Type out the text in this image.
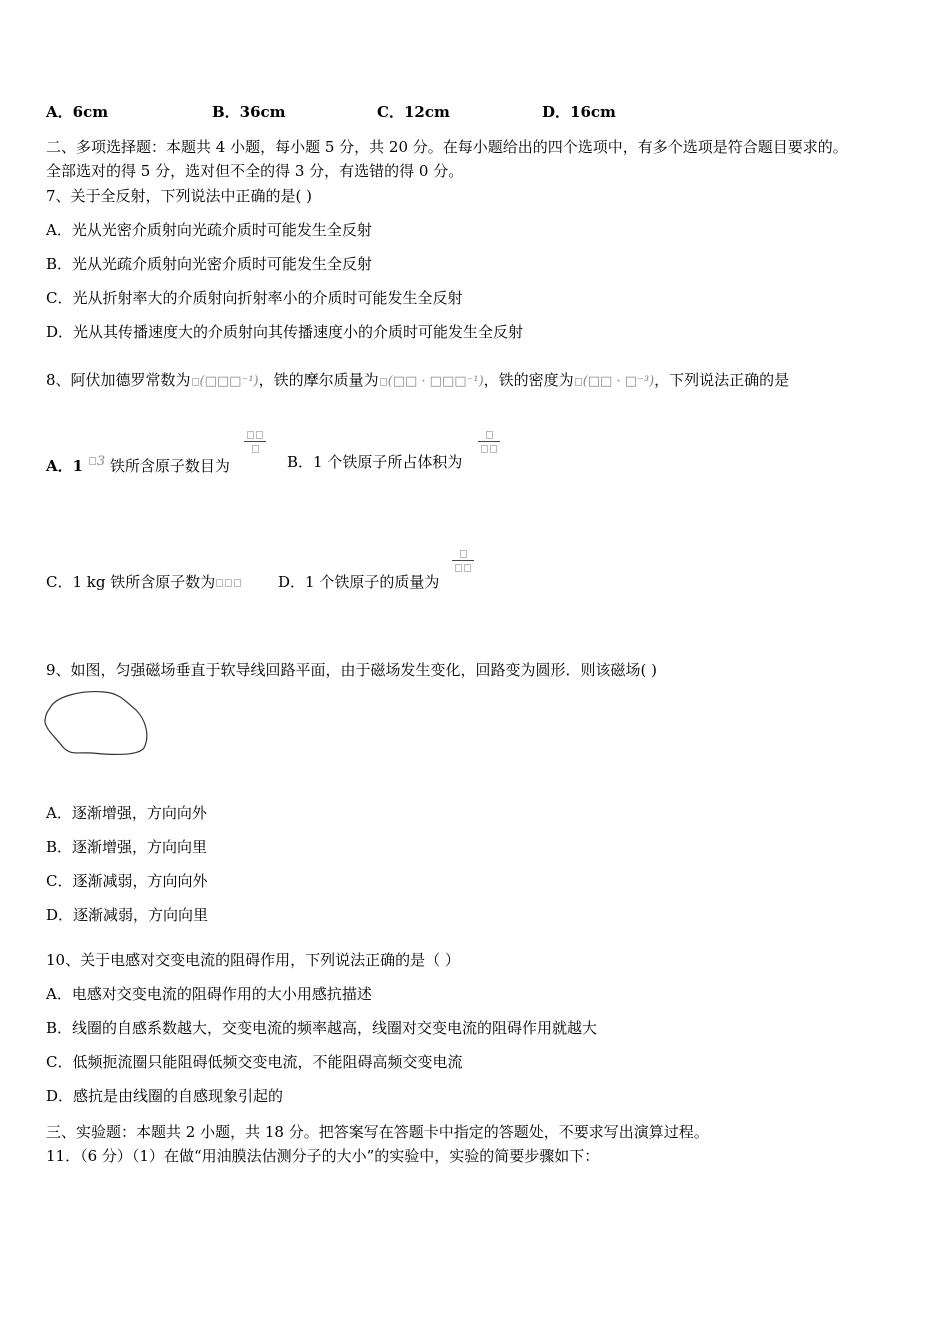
A．6cm	B．36cm	C．12cm	D．16cm
二、多项选择题：本题共 4 小题，每小题 5 分，共 20 分。在每小题给出的四个选项中，有多个选项是符合题目要求的。
全部选对的得 5 分，选对但不全的得 3 分，有选错的得 0 分。
7、关于全反射，下列说法中正确的是( )
A．光从光密介质射向光疏介质时可能发生全反射
B．光从光疏介质射向光密介质时可能发生全反射
C．光从折射率大的介质射向折射率小的介质时可能发生全反射
D．光从其传播速度大的介质射向其传播速度小的介质时可能发生全反射
8、阿伏加德罗常数为 (□□□⁻¹)，铁的摩尔质量为 (□□ · □□□⁻¹)，铁的密度为 (□□ · □⁻³)，下列说法正确的是
A．1 $^3$ 铁所含原子数目为	B．1 个铁原子所占体积为
C．1 kg 铁所含原子数为	D．1 个铁原子的质量为
9、如图，匀强磁场垂直于软导线回路平面，由于磁场发生变化，回路变为圆形．则该磁场( )
A．逐渐增强，方向向外
B．逐渐增强，方向向里
C．逐渐减弱，方向向外
D．逐渐减弱，方向向里
10、关于电感对交变电流的阻碍作用，下列说法正确的是（ ）
A．电感对交变电流的阻碍作用的大小用感抗描述
B．线圈的自感系数越大，交变电流的频率越高，线圈对交变电流的阻碍作用就越大
C．低频扼流圈只能阻碍低频交变电流，不能阻碍高频交变电流
D．感抗是由线圈的自感现象引起的
三、实验题：本题共 2 小题，共 18 分。把答案写在答题卡中指定的答题处，不要求写出演算过程。
11．（6 分）（1）在做“用油膜法估测分子的大小”的实验中，实验的简要步骤如下：
